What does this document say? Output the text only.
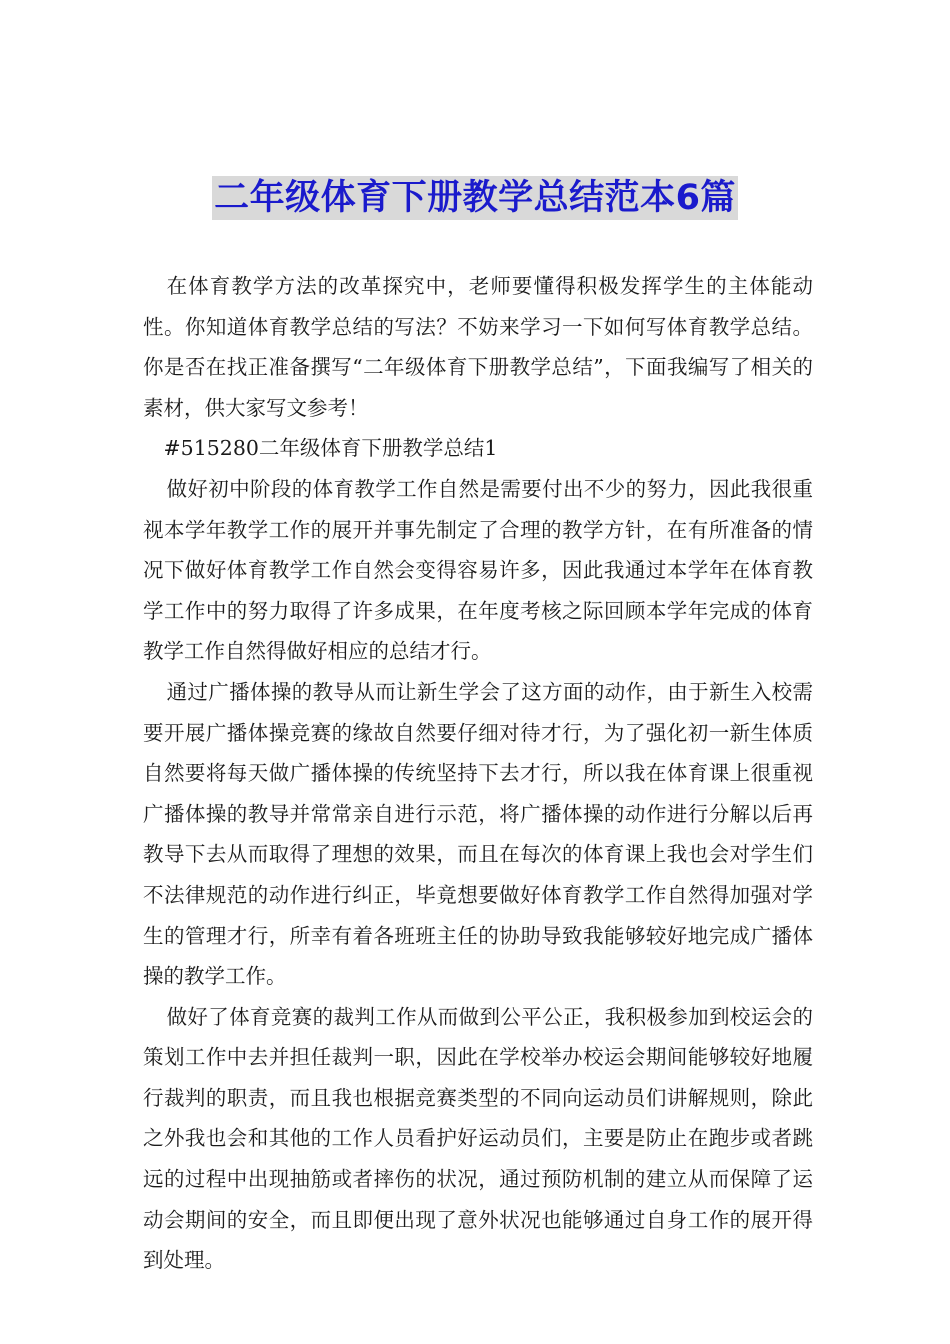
二年级体育下册教学总结范本6篇

在体育教学方法的改革探究中，老师要懂得积极发挥学生的主体能动性。你知道体育教学总结的写法？不妨来学习一下如何写体育教学总结。你是否在找正准备撰写“二年级体育下册教学总结”，下面我编写了相关的素材，供大家写文参考！

#515280二年级体育下册教学总结1

做好初中阶段的体育教学工作自然是需要付出不少的努力，因此我很重视本学年教学工作的展开并事先制定了合理的教学方针，在有所准备的情况下做好体育教学工作自然会变得容易许多，因此我通过本学年在体育教学工作中的努力取得了许多成果，在年度考核之际回顾本学年完成的体育教学工作自然得做好相应的总结才行。

通过广播体操的教导从而让新生学会了这方面的动作，由于新生入校需要开展广播体操竞赛的缘故自然要仔细对待才行，为了强化初一新生体质自然要将每天做广播体操的传统坚持下去才行，所以我在体育课上很重视广播体操的教导并常常亲自进行示范，将广播体操的动作进行分解以后再教导下去从而取得了理想的效果，而且在每次的体育课上我也会对学生们不法律规范的动作进行纠正，毕竟想要做好体育教学工作自然得加强对学生的管理才行，所幸有着各班班主任的协助导致我能够较好地完成广播体操的教学工作。

做好了体育竞赛的裁判工作从而做到公平公正，我积极参加到校运会的策划工作中去并担任裁判一职，因此在学校举办校运会期间能够较好地履行裁判的职责，而且我也根据竞赛类型的不同向运动员们讲解规则，除此之外我也会和其他的工作人员看护好运动员们，主要是防止在跑步或者跳远的过程中出现抽筋或者摔伤的状况，通过预防机制的建立从而保障了运动会期间的安全，而且即便出现了意外状况也能够通过自身工作的展开得到处理。
